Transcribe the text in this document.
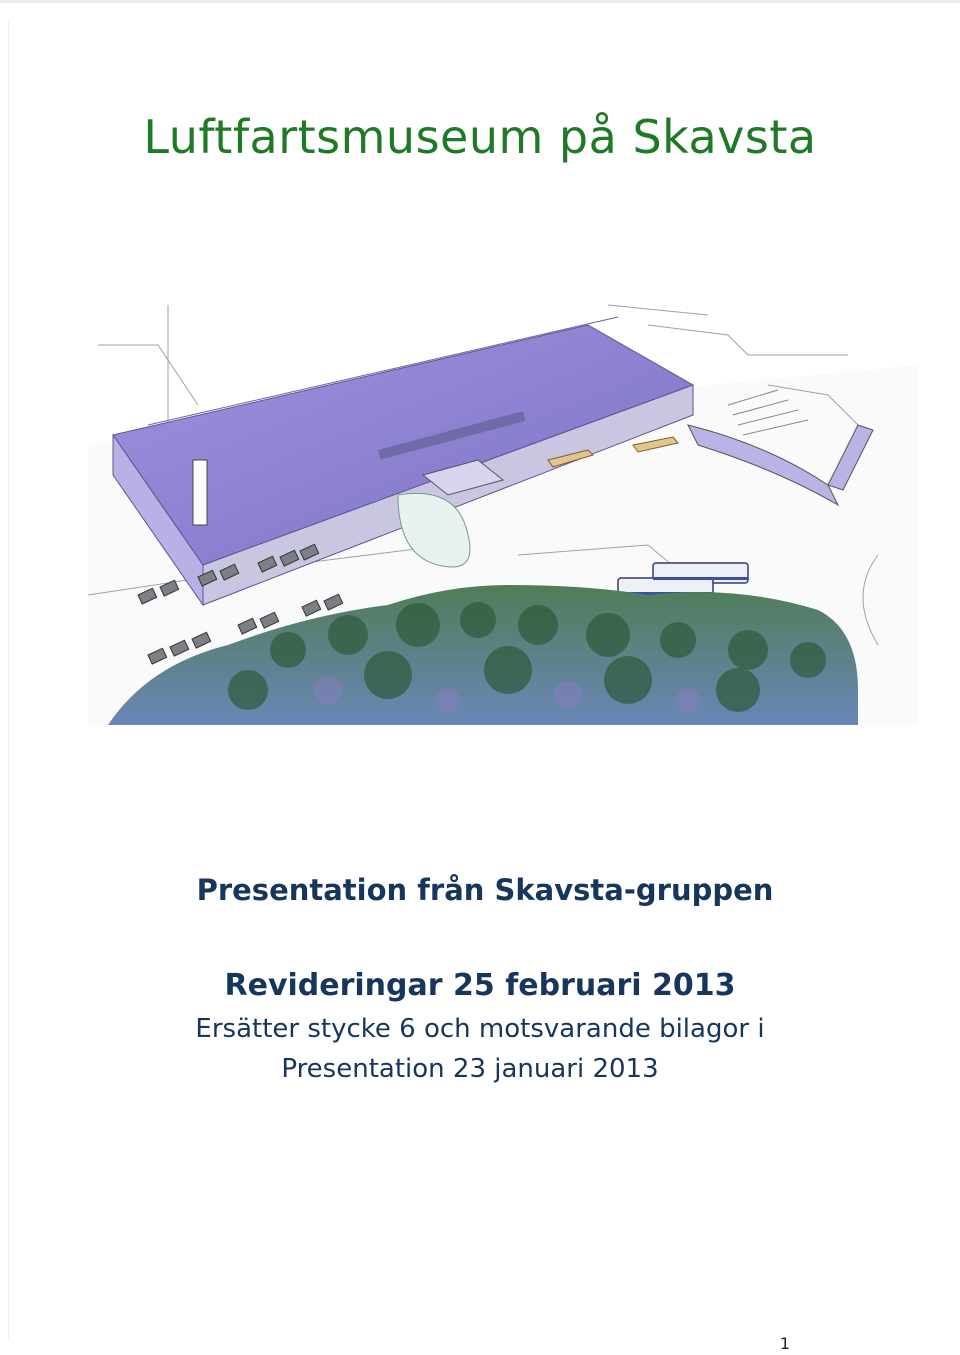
Luftfartsmuseum på Skavsta
Presentation från Skavsta-gruppen
Revideringar 25 februari 2013
Ersätter stycke 6 och motsvarande bilagor i
Presentation 23 januari 2013
1
